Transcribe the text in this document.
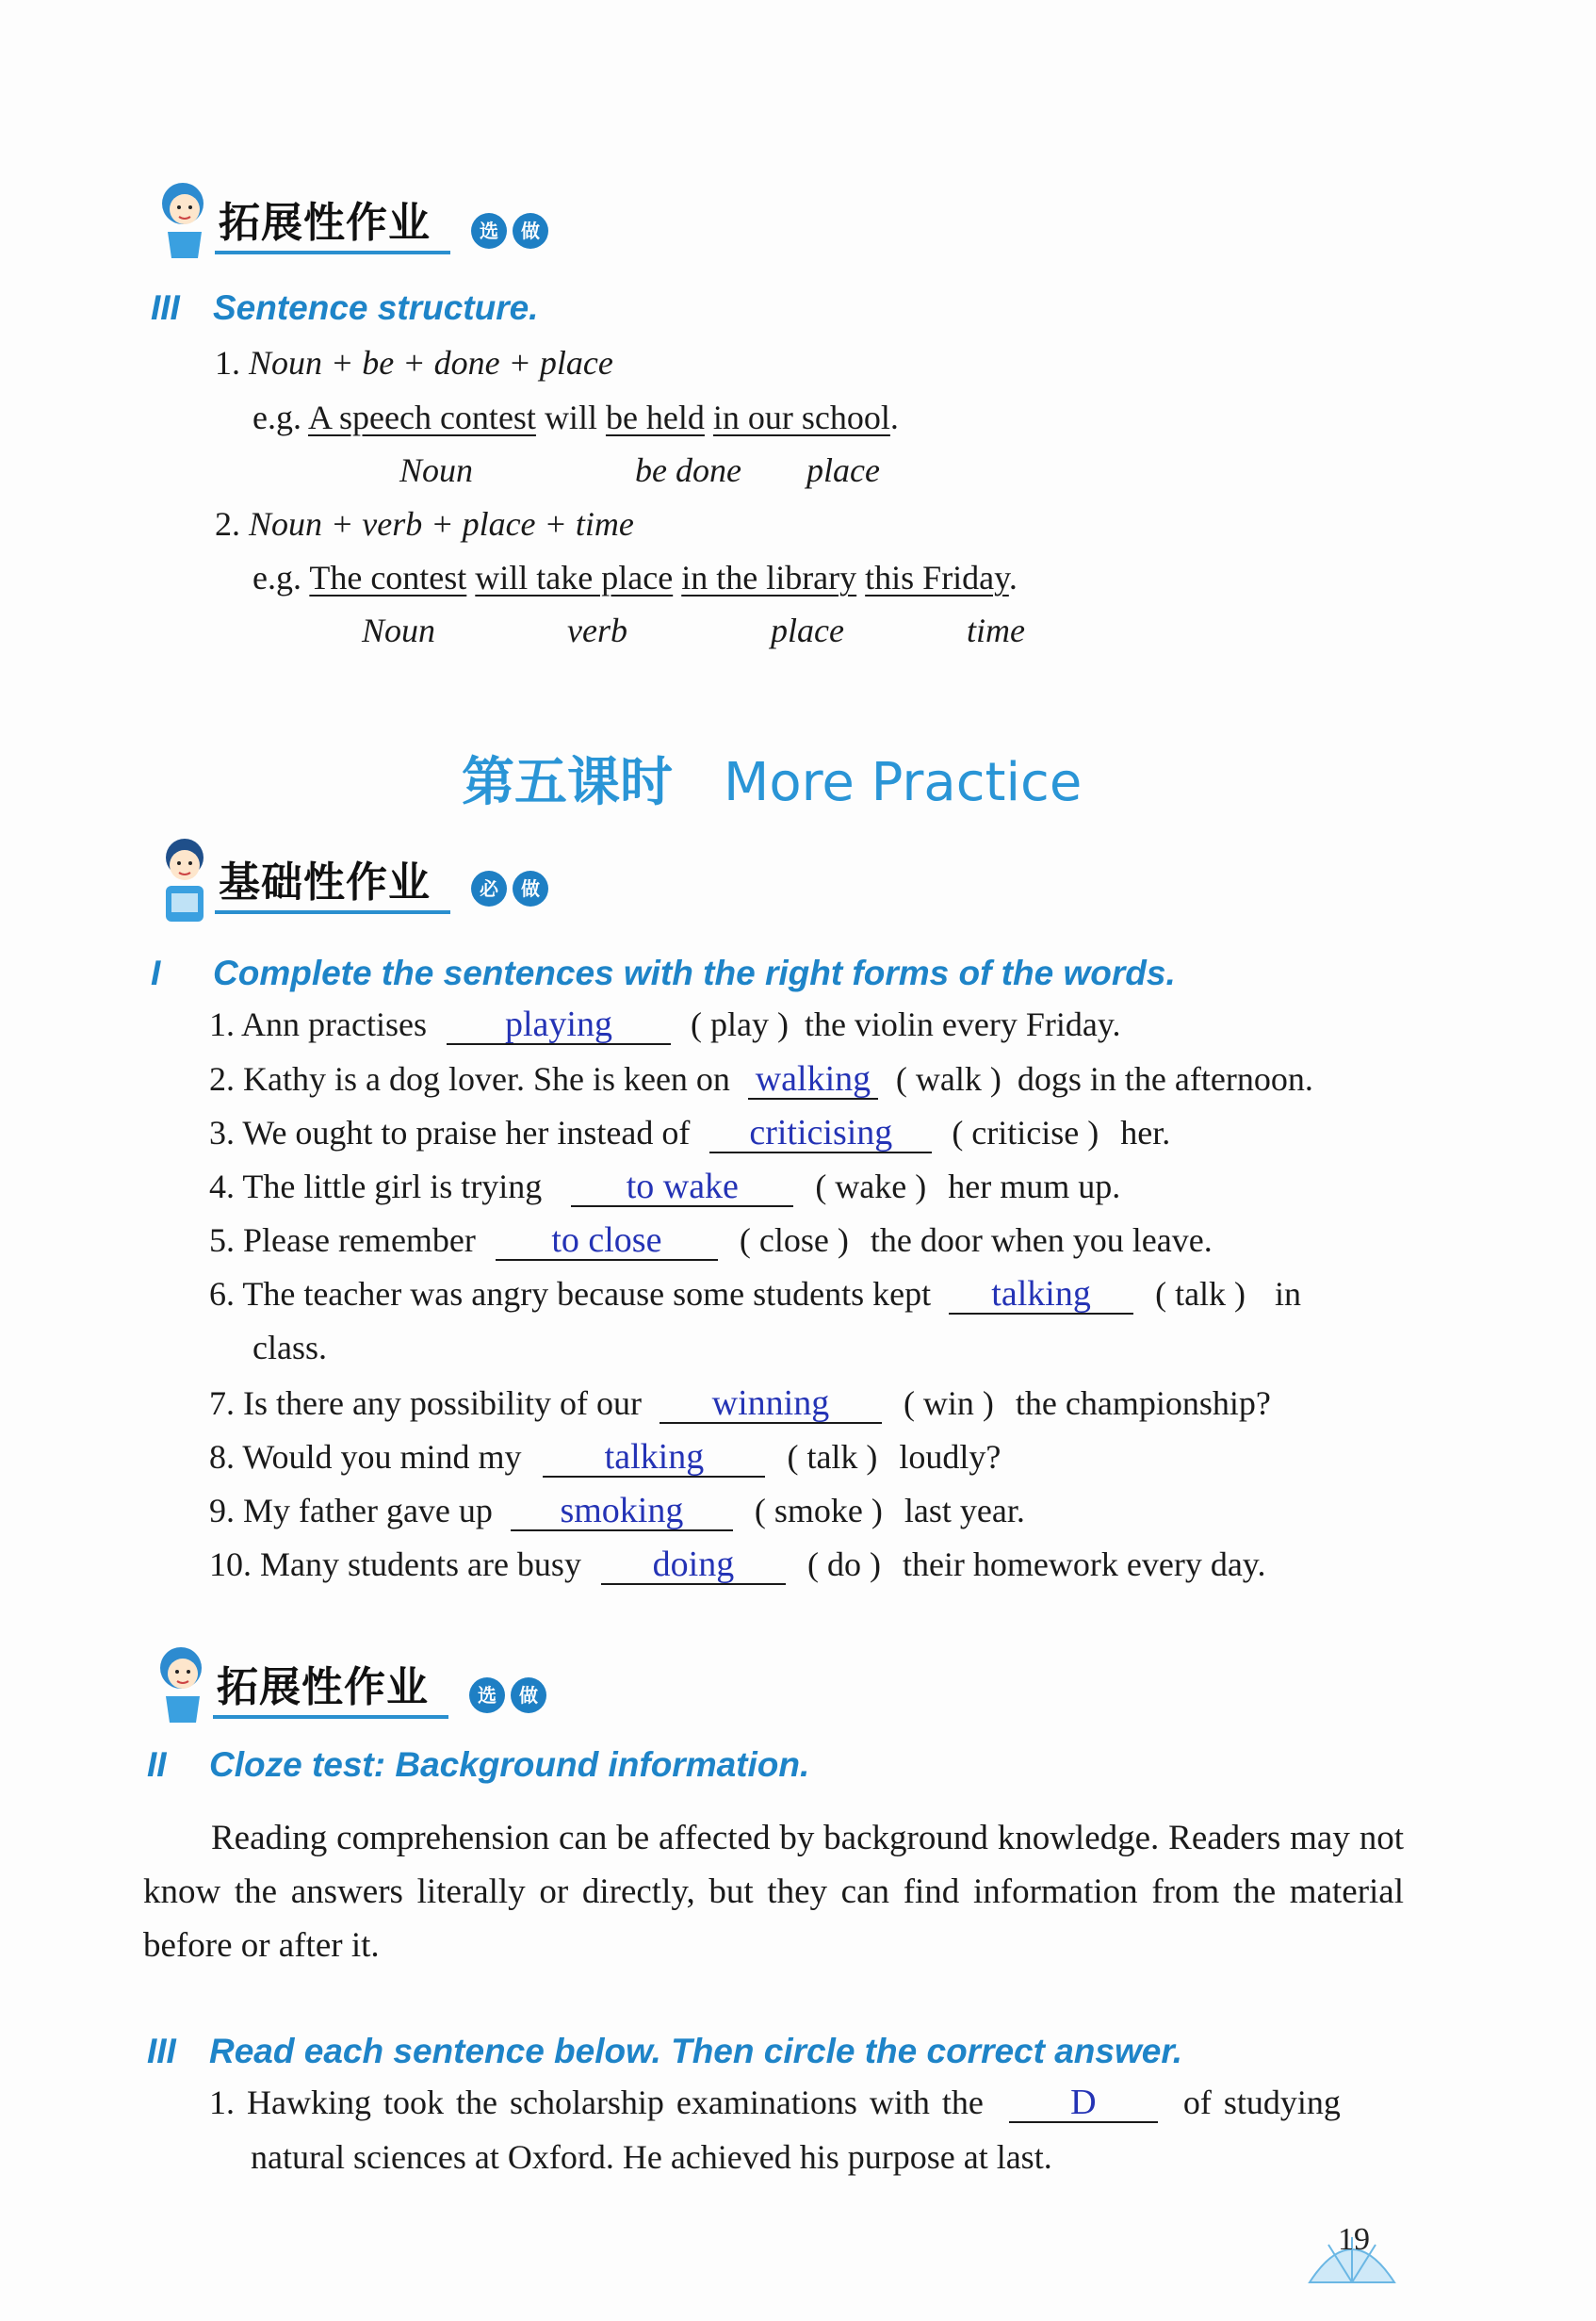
拓展性作业	选	做
III Sentence structure.
1. Noun + be + done + place
e.g. A speech contest will be held in our school.
Noun	be done place
2. Noun + verb + place + time
e.g. The contest will take place in the library this Friday.
Noun	verb	place	time
第五课时 More Practice
基础性作业	必	做
I Complete the sentences with the right forms of the words.
1. Ann practises playing ( play ) the violin every Friday.
2. Kathy is a dog lover. She is keen on walking ( walk ) dogs in the afternoon.
3. We ought to praise her instead of criticising ( criticise ) her.
4. The little girl is trying to wake ( wake ) her mum up.
5. Please remember to close ( close ) the door when you leave.
6. The teacher was angry because some students kept talking ( talk ) in
class.
7. Is there any possibility of our winning ( win ) the championship?
8. Would you mind my talking ( talk ) loudly?
9. My father gave up smoking ( smoke ) last year.
10. Many students are busy doing ( do ) their homework every day.
拓展性作业	选	做
II Cloze test: Background information.
Reading comprehension can be affected by background knowledge. Readers may not know the answers literally or directly, but they can find information from the material before or after it.
III Read each sentence below. Then circle the correct answer.
1. Hawking took the scholarship examinations with the D	of studying
natural sciences at Oxford. He achieved his purpose at last.
19
